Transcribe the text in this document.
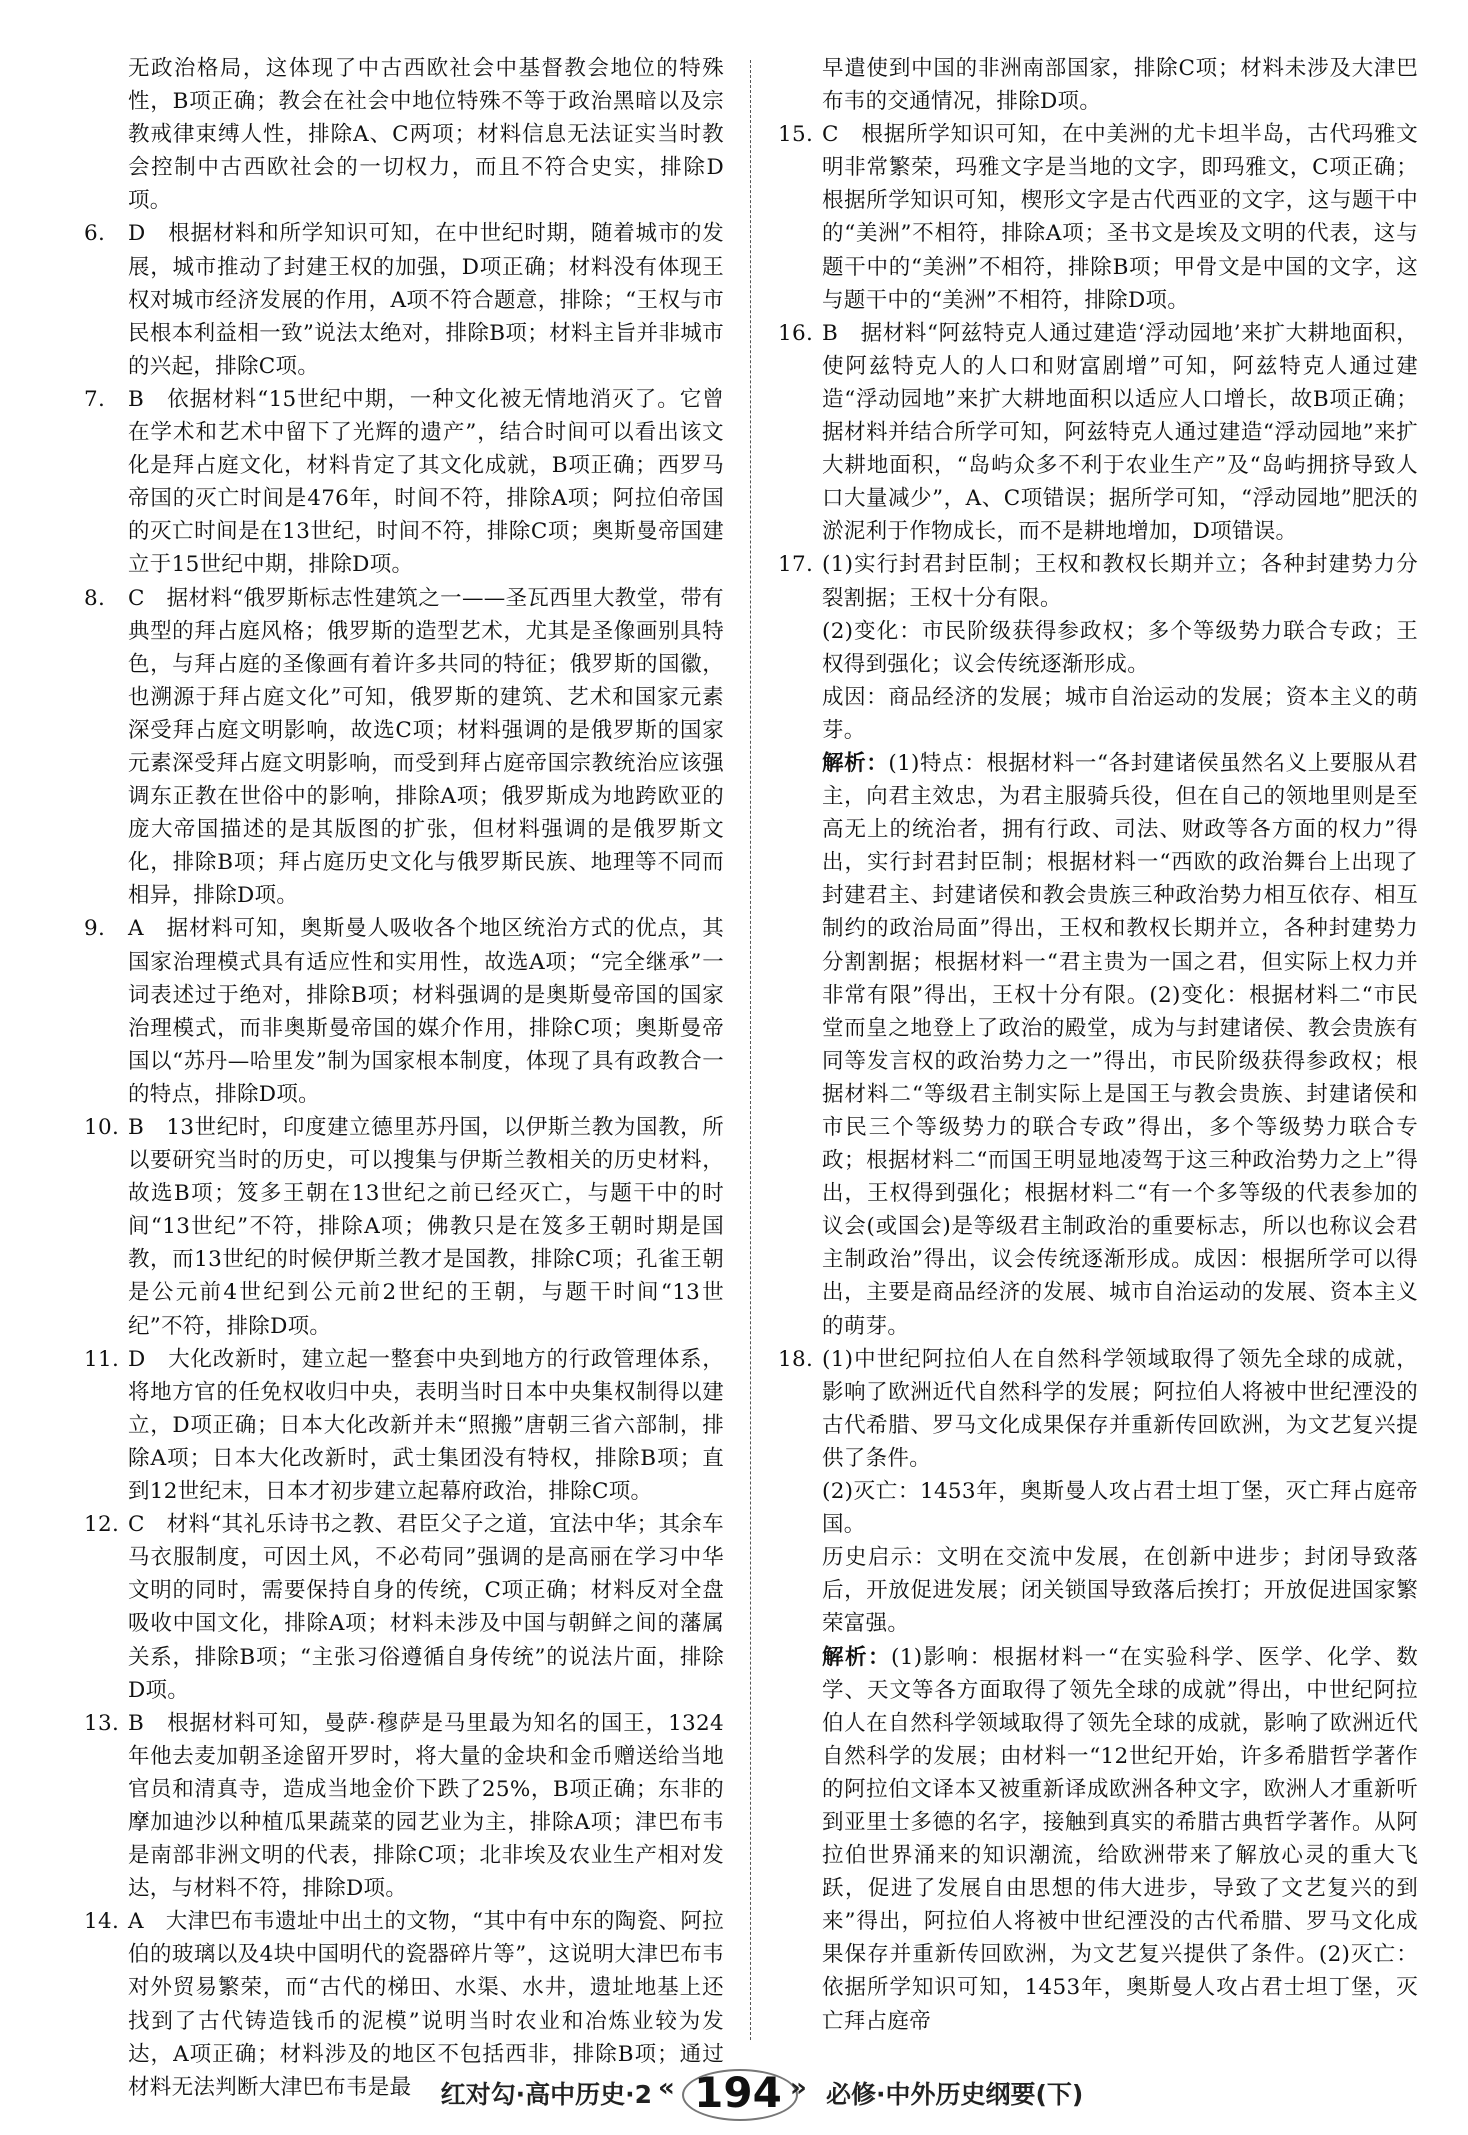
无政治格局，这体现了中古西欧社会中基督教会地位的特殊性，B项正确；教会在社会中地位特殊不等于政治黑暗以及宗教戒律束缚人性，排除A、C两项；材料信息无法证实当时教会控制中古西欧社会的一切权力，而且不符合史实，排除D项。

6. D　根据材料和所学知识可知，在中世纪时期，随着城市的发展，城市推动了封建王权的加强，D项正确；材料没有体现王权对城市经济发展的作用，A项不符合题意，排除；“王权与市民根本利益相一致”说法太绝对，排除B项；材料主旨并非城市的兴起，排除C项。

7. B　依据材料“15世纪中期，一种文化被无情地消灭了。它曾在学术和艺术中留下了光辉的遗产”，结合时间可以看出该文化是拜占庭文化，材料肯定了其文化成就，B项正确；西罗马帝国的灭亡时间是476年，时间不符，排除A项；阿拉伯帝国的灭亡时间是在13世纪，时间不符，排除C项；奥斯曼帝国建立于15世纪中期，排除D项。

8. C　据材料“俄罗斯标志性建筑之一——圣瓦西里大教堂，带有典型的拜占庭风格；俄罗斯的造型艺术，尤其是圣像画别具特色，与拜占庭的圣像画有着许多共同的特征；俄罗斯的国徽，也溯源于拜占庭文化”可知，俄罗斯的建筑、艺术和国家元素深受拜占庭文明影响，故选C项；材料强调的是俄罗斯的国家元素深受拜占庭文明影响，而受到拜占庭帝国宗教统治应该强调东正教在世俗中的影响，排除A项；俄罗斯成为地跨欧亚的庞大帝国描述的是其版图的扩张，但材料强调的是俄罗斯文化，排除B项；拜占庭历史文化与俄罗斯民族、地理等不同而相异，排除D项。

9. A　据材料可知，奥斯曼人吸收各个地区统治方式的优点，其国家治理模式具有适应性和实用性，故选A项；“完全继承”一词表述过于绝对，排除B项；材料强调的是奥斯曼帝国的国家治理模式，而非奥斯曼帝国的媒介作用，排除C项；奥斯曼帝国以“苏丹—哈里发”制为国家根本制度，体现了具有政教合一的特点，排除D项。

10. B　13世纪时，印度建立德里苏丹国，以伊斯兰教为国教，所以要研究当时的历史，可以搜集与伊斯兰教相关的历史材料，故选B项；笈多王朝在13世纪之前已经灭亡，与题干中的时间“13世纪”不符，排除A项；佛教只是在笈多王朝时期是国教，而13世纪的时候伊斯兰教才是国教，排除C项；孔雀王朝是公元前4世纪到公元前2世纪的王朝，与题干时间“13世纪”不符，排除D项。

11. D　大化改新时，建立起一整套中央到地方的行政管理体系，将地方官的任免权收归中央，表明当时日本中央集权制得以建立，D项正确；日本大化改新并未“照搬”唐朝三省六部制，排除A项；日本大化改新时，武士集团没有特权，排除B项；直到12世纪末，日本才初步建立起幕府政治，排除C项。

12. C　材料“其礼乐诗书之教、君臣父子之道，宜法中华；其余车马衣服制度，可因土风，不必苟同”强调的是高丽在学习中华文明的同时，需要保持自身的传统，C项正确；材料反对全盘吸收中国文化，排除A项；材料未涉及中国与朝鲜之间的藩属关系，排除B项；“主张习俗遵循自身传统”的说法片面，排除D项。

13. B　根据材料可知，曼萨·穆萨是马里最为知名的国王，1324年他去麦加朝圣途留开罗时，将大量的金块和金币赠送给当地官员和清真寺，造成当地金价下跌了25%，B项正确；东非的摩加迪沙以种植瓜果蔬菜的园艺业为主，排除A项；津巴布韦是南部非洲文明的代表，排除C项；北非埃及农业生产相对发达，与材料不符，排除D项。

14. A　大津巴布韦遗址中出土的文物，“其中有中东的陶瓷、阿拉伯的玻璃以及4块中国明代的瓷器碎片等”，这说明大津巴布韦对外贸易繁荣，而“古代的梯田、水渠、水井，遗址地基上还找到了古代铸造钱币的泥模”说明当时农业和冶炼业较为发达，A项正确；材料涉及的地区不包括西非，排除B项；通过材料无法判断大津巴布韦是最

早遣使到中国的非洲南部国家，排除C项；材料未涉及大津巴布韦的交通情况，排除D项。

15. C　根据所学知识可知，在中美洲的尤卡坦半岛，古代玛雅文明非常繁荣，玛雅文字是当地的文字，即玛雅文，C项正确；根据所学知识可知，楔形文字是古代西亚的文字，这与题干中的“美洲”不相符，排除A项；圣书文是埃及文明的代表，这与题干中的“美洲”不相符，排除B项；甲骨文是中国的文字，这与题干中的“美洲”不相符，排除D项。

16. B　据材料“阿兹特克人通过建造‘浮动园地’来扩大耕地面积，使阿兹特克人的人口和财富剧增”可知，阿兹特克人通过建造“浮动园地”来扩大耕地面积以适应人口增长，故B项正确；据材料并结合所学可知，阿兹特克人通过建造“浮动园地”来扩大耕地面积，“岛屿众多不利于农业生产”及“岛屿拥挤导致人口大量减少”，A、C项错误；据所学可知，“浮动园地”肥沃的淤泥利于作物成长，而不是耕地增加，D项错误。

17. (1)实行封君封臣制；王权和教权长期并立；各种封建势力分裂割据；王权十分有限。
(2)变化：市民阶级获得参政权；多个等级势力联合专政；王权得到强化；议会传统逐渐形成。
成因：商品经济的发展；城市自治运动的发展；资本主义的萌芽。
解析：(1)特点：根据材料一“各封建诸侯虽然名义上要服从君主，向君主效忠，为君主服骑兵役，但在自己的领地里则是至高无上的统治者，拥有行政、司法、财政等各方面的权力”得出，实行封君封臣制；根据材料一“西欧的政治舞台上出现了封建君主、封建诸侯和教会贵族三种政治势力相互依存、相互制约的政治局面”得出，王权和教权长期并立，各种封建势力分割割据；根据材料一“君主贵为一国之君，但实际上权力并非常有限”得出，王权十分有限。(2)变化：根据材料二“市民堂而皇之地登上了政治的殿堂，成为与封建诸侯、教会贵族有同等发言权的政治势力之一”得出，市民阶级获得参政权；根据材料二“等级君主制实际上是国王与教会贵族、封建诸侯和市民三个等级势力的联合专政”得出，多个等级势力联合专政；根据材料二“而国王明显地凌驾于这三种政治势力之上”得出，王权得到强化；根据材料二“有一个多等级的代表参加的议会(或国会)是等级君主制政治的重要标志，所以也称议会君主制政治”得出，议会传统逐渐形成。成因：根据所学可以得出，主要是商品经济的发展、城市自治运动的发展、资本主义的萌芽。
18. (1)中世纪阿拉伯人在自然科学领域取得了领先全球的成就，影响了欧洲近代自然科学的发展；阿拉伯人将被中世纪湮没的古代希腊、罗马文化成果保存并重新传回欧洲，为文艺复兴提供了条件。
(2)灭亡：1453年，奥斯曼人攻占君士坦丁堡，灭亡拜占庭帝国。
历史启示：文明在交流中发展，在创新中进步；封闭导致落后，开放促进发展；闭关锁国导致落后挨打；开放促进国家繁荣富强。
解析：(1)影响：根据材料一“在实验科学、医学、化学、数学、天文等各方面取得了领先全球的成就”得出，中世纪阿拉伯人在自然科学领域取得了领先全球的成就，影响了欧洲近代自然科学的发展；由材料一“12世纪开始，许多希腊哲学著作的阿拉伯文译本又被重新译成欧洲各种文字，欧洲人才重新听到亚里士多德的名字，接触到真实的希腊古典哲学著作。从阿拉伯世界涌来的知识潮流，给欧洲带来了解放心灵的重大飞跃，促进了发展自由思想的伟大进步，导致了文艺复兴的到来”得出，阿拉伯人将被中世纪湮没的古代希腊、罗马文化成果保存并重新传回欧洲，为文艺复兴提供了条件。(2)灭亡：依据所学知识可知，1453年，奥斯曼人攻占君士坦丁堡，灭亡拜占庭帝
红对勾·高中历史·2 « 194 » 必修·中外历史纲要(下)
